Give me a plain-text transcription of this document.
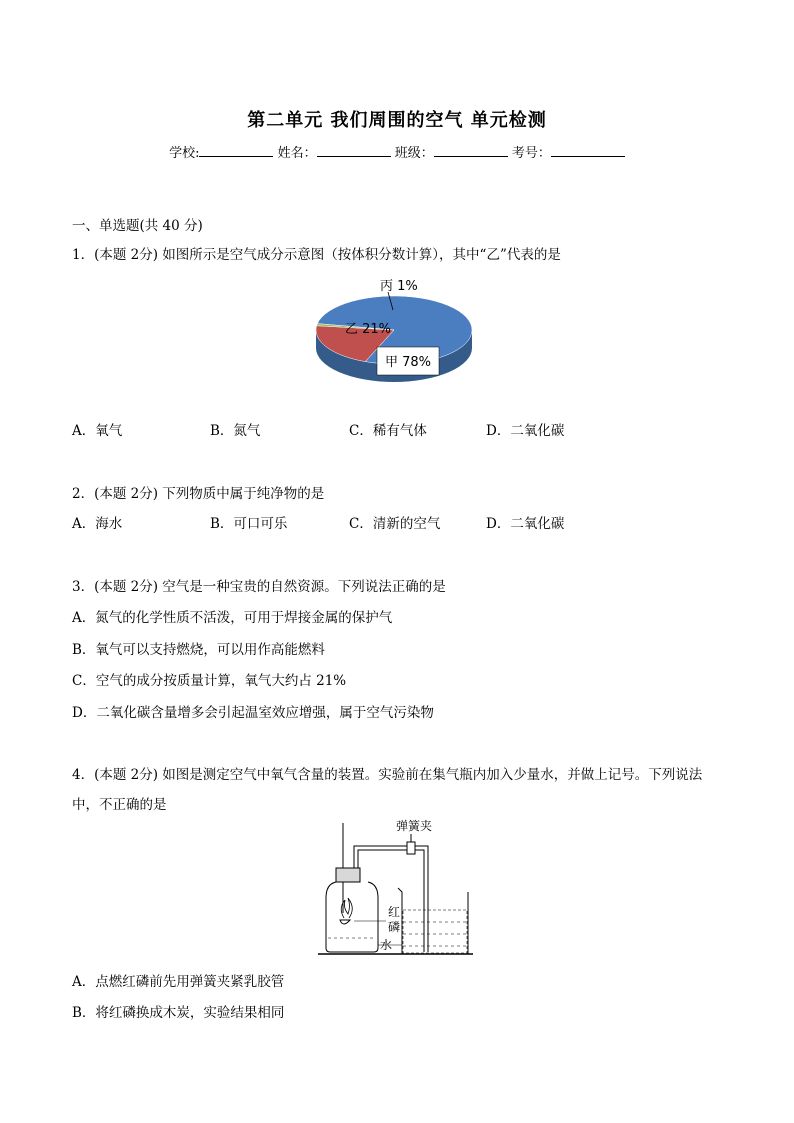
第二单元 我们周围的空气 单元检测
学校:	姓名：	班级：	考号：
一、单选题(共 40 分)
1．(本题 2分) 如图所示是空气成分示意图（按体积分数计算），其中“乙”代表的是
丙 1%
乙 21%
甲 78%
A．氧气	B．氮气	C．稀有气体	D．二氧化碳
2．(本题 2分) 下列物质中属于纯净物的是
A．海水	B．可口可乐	C．清新的空气	D．二氧化碳
3．(本题 2分) 空气是一种宝贵的自然资源。下列说法正确的是
A．氮气的化学性质不活泼，可用于焊接金属的保护气
B．氧气可以支持燃烧，可以用作高能燃料
C．空气的成分按质量计算，氧气大约占 21%
D．二氧化碳含量增多会引起温室效应增强，属于空气污染物
4．(本题 2分) 如图是测定空气中氧气含量的装置。实验前在集气瓶内加入少量水，并做上记号。下列说法
中，不正确的是
弹簧夹
红
磷
水
A．点燃红磷前先用弹簧夹紧乳胶管
B．将红磷换成木炭，实验结果相同
